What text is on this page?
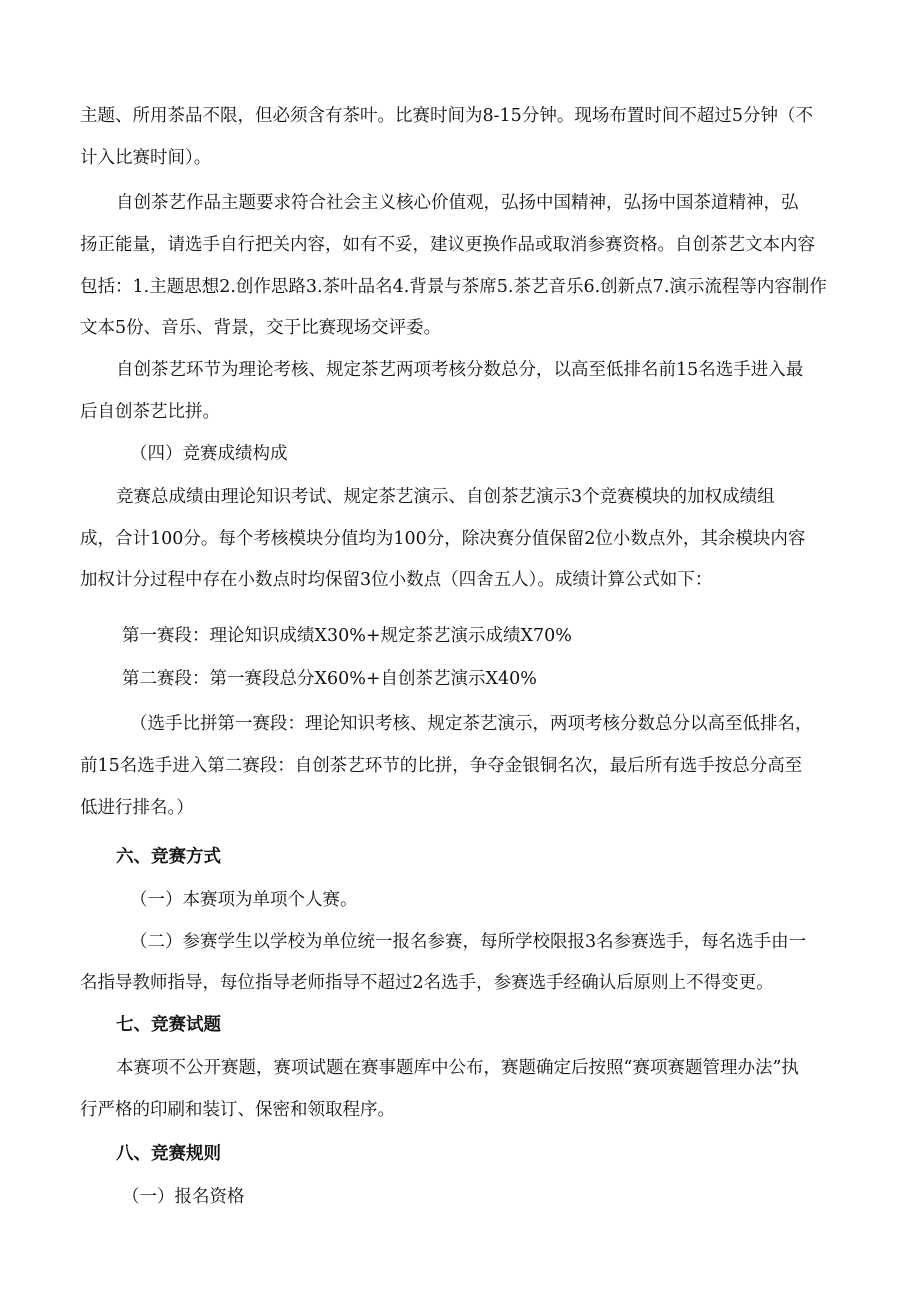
主题、所用茶品不限，但必须含有茶叶。比赛时间为8-15分钟。现场布置时间不超过5分钟（不
计入比赛时间）。
自创茶艺作品主题要求符合社会主义核心价值观，弘扬中国精神，弘扬中国茶道精神，弘
扬正能量，请选手自行把关内容，如有不妥，建议更换作品或取消参赛资格。自创茶艺文本内容
包括：1.主题思想2.创作思路3.茶叶品名4.背景与茶席5.茶艺音乐6.创新点7.演示流程等内容制作
文本5份、音乐、背景，交于比赛现场交评委。
自创茶艺环节为理论考核、规定茶艺两项考核分数总分，以高至低排名前15名选手进入最
后自创茶艺比拼。
（四）竞赛成绩构成
竞赛总成绩由理论知识考试、规定茶艺演示、自创茶艺演示3个竞赛模块的加权成绩组
成，合计100分。每个考核模块分值均为100分，除决赛分值保留2位小数点外，其余模块内容
加权计分过程中存在小数点时均保留3位小数点（四舍五人）。成绩计算公式如下：
第一赛段：理论知识成绩X30%+规定茶艺演示成绩X70%
第二赛段：第一赛段总分X60%+自创茶艺演示X40%
（选手比拼第一赛段：理论知识考核、规定茶艺演示，两项考核分数总分以高至低排名，
前15名选手进入第二赛段：自创茶艺环节的比拼，争夺金银铜名次，最后所有选手按总分高至
低进行排名。）
六、竞赛方式
（一）本赛项为单项个人赛。
（二）参赛学生以学校为单位统一报名参赛，每所学校限报3名参赛选手，每名选手由一
名指导教师指导，每位指导老师指导不超过2名选手，参赛选手经确认后原则上不得变更。
七、竞赛试题
本赛项不公开赛题，赛项试题在赛事题库中公布，赛题确定后按照“赛项赛题管理办法”执
行严格的印刷和装订、保密和领取程序。
八、竞赛规则
（一）报名资格
